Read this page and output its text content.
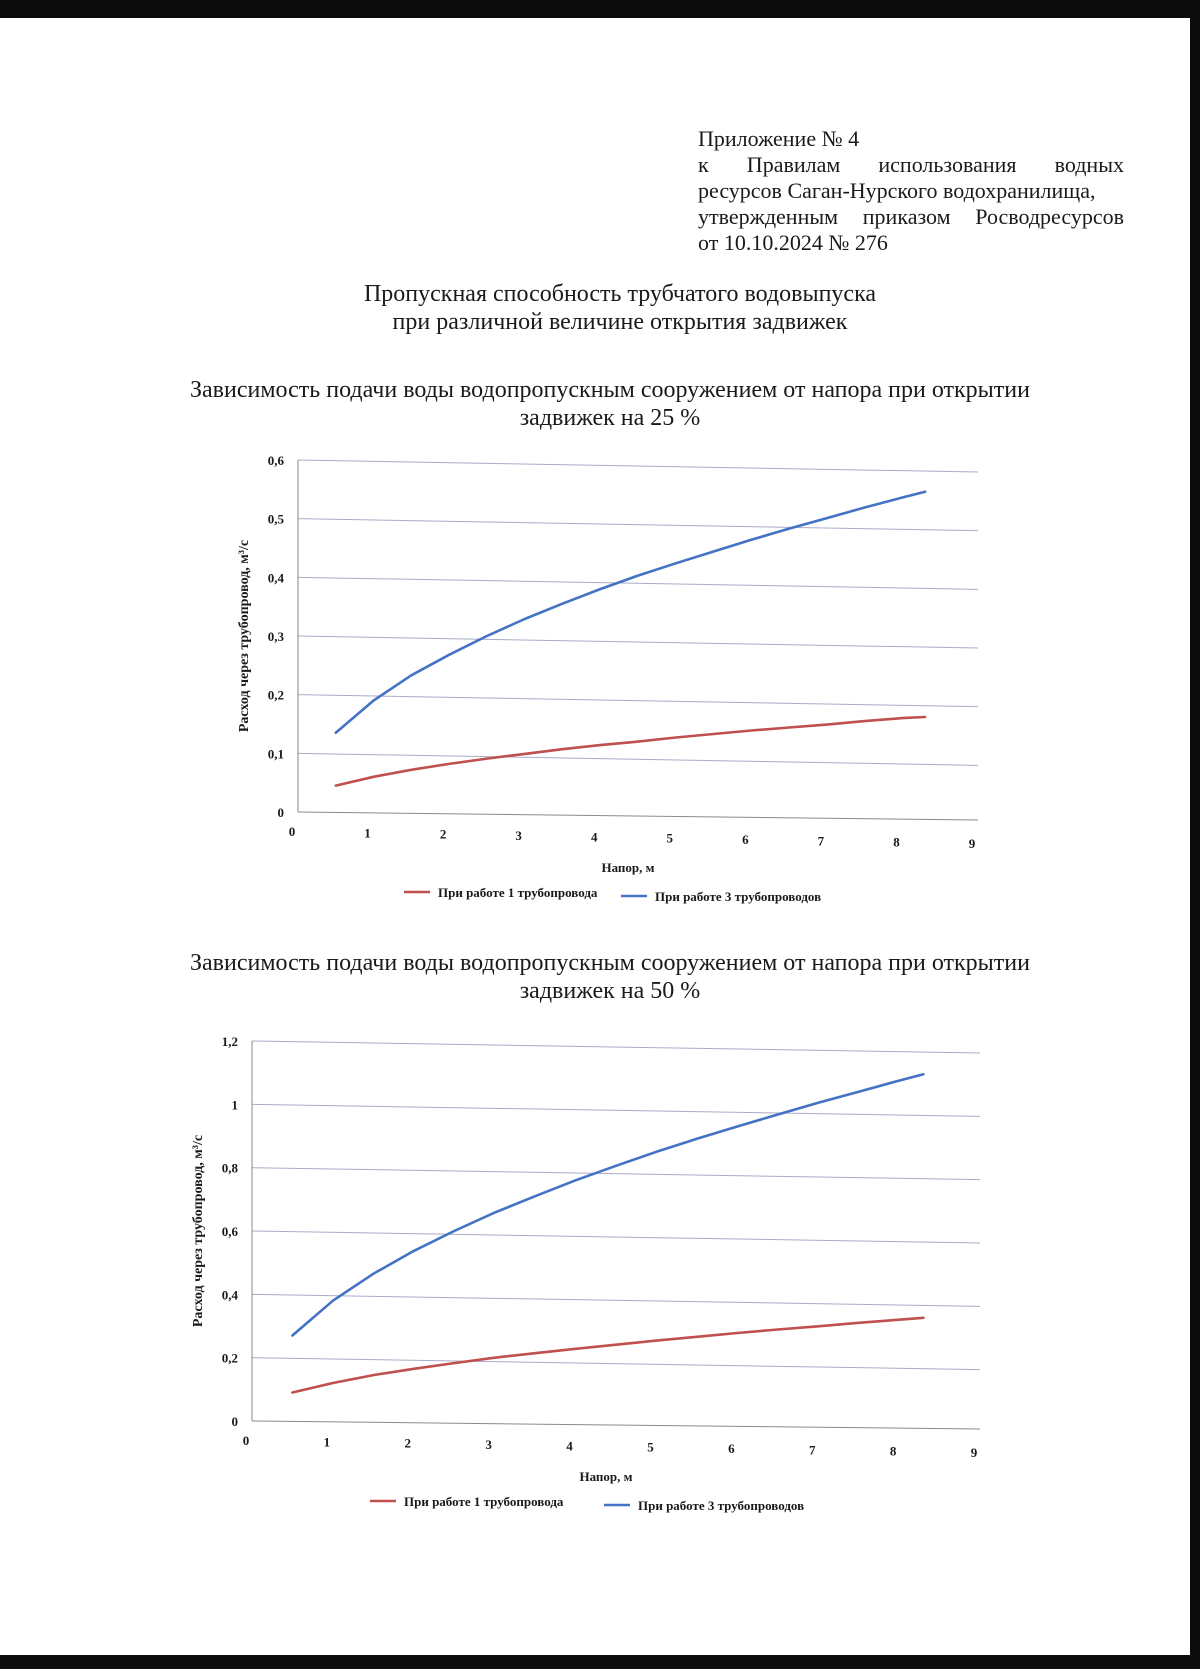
Приложение № 4
к Правилам использования водных
ресурсов Саган-Нурского водохранилища,
утвержденным приказом Росводресурсов
от 10.10.2024 № 276
Пропускная способность трубчатого водовыпуска
при различной величине открытия задвижек
Зависимость подачи воды водопропускным сооружением от напора при открытии
задвижек на 25 %
0
0,1
0,2
0,3
0,4
0,5
0,6
0	1	2	3	4	5	6	7	8	9
Напор, м
Расход через трубопровод, м³/с
При работе 1 трубопровода	При работе 3 трубопроводов
Зависимость подачи воды водопропускным сооружением от напора при открытии
задвижек на 50 %
0
0,2
0,4
0,6
0,8
1
1,2
0	1	2	3	4	5	6	7	8	9
Напор, м
Расход через трубопровод, м³/с
При работе 1 трубопровода	При работе 3 трубопроводов
